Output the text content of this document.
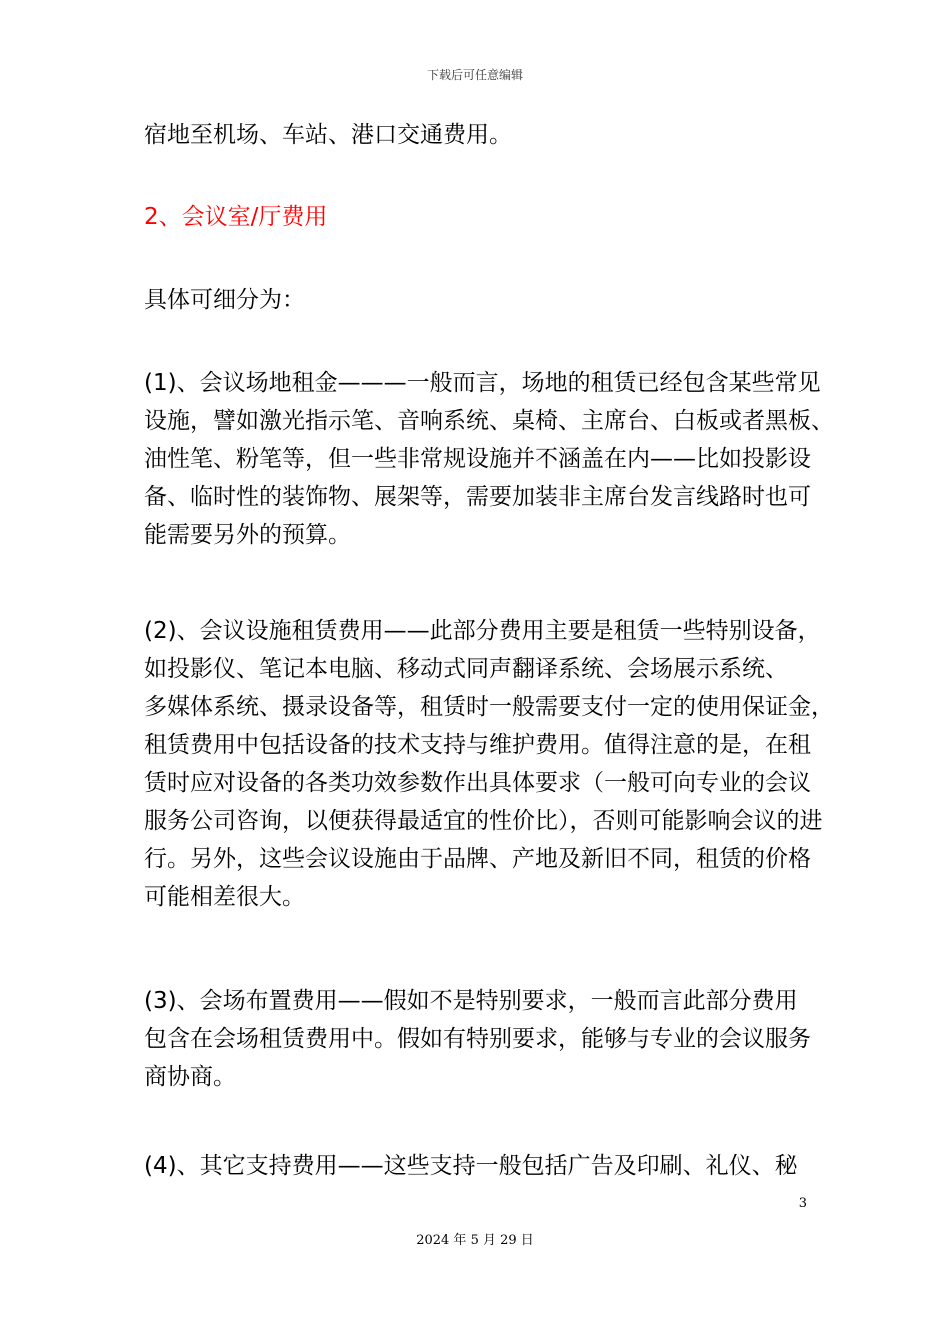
下载后可任意编辑

宿地至机场、车站、港口交通费用。

2、会议室/厅费用

具体可细分为：

(1)、会议场地租金———一般而言，场地的租赁已经包含某些常见
设施，譬如激光指示笔、音响系统、桌椅、主席台、白板或者黑板、
油性笔、粉笔等，但一些非常规设施并不涵盖在内——比如投影设
备、临时性的装饰物、展架等，需要加装非主席台发言线路时也可
能需要另外的预算。

(2)、会议设施租赁费用——此部分费用主要是租赁一些特别设备，
如投影仪、笔记本电脑、移动式同声翻译系统、会场展示系统、
多媒体系统、摄录设备等，租赁时一般需要支付一定的使用保证金，
租赁费用中包括设备的技术支持与维护费用。值得注意的是，在租
赁时应对设备的各类功效参数作出具体要求（一般可向专业的会议
服务公司咨询，以便获得最适宜的性价比），否则可能影响会议的进
行。另外，这些会议设施由于品牌、产地及新旧不同，租赁的价格
可能相差很大。

(3)、会场布置费用——假如不是特别要求，一般而言此部分费用
包含在会场租赁费用中。假如有特别要求，能够与专业的会议服务
商协商。

(4)、其它支持费用——这些支持一般包括广告及印刷、礼仪、秘

3
2024 年 5 月 29 日
